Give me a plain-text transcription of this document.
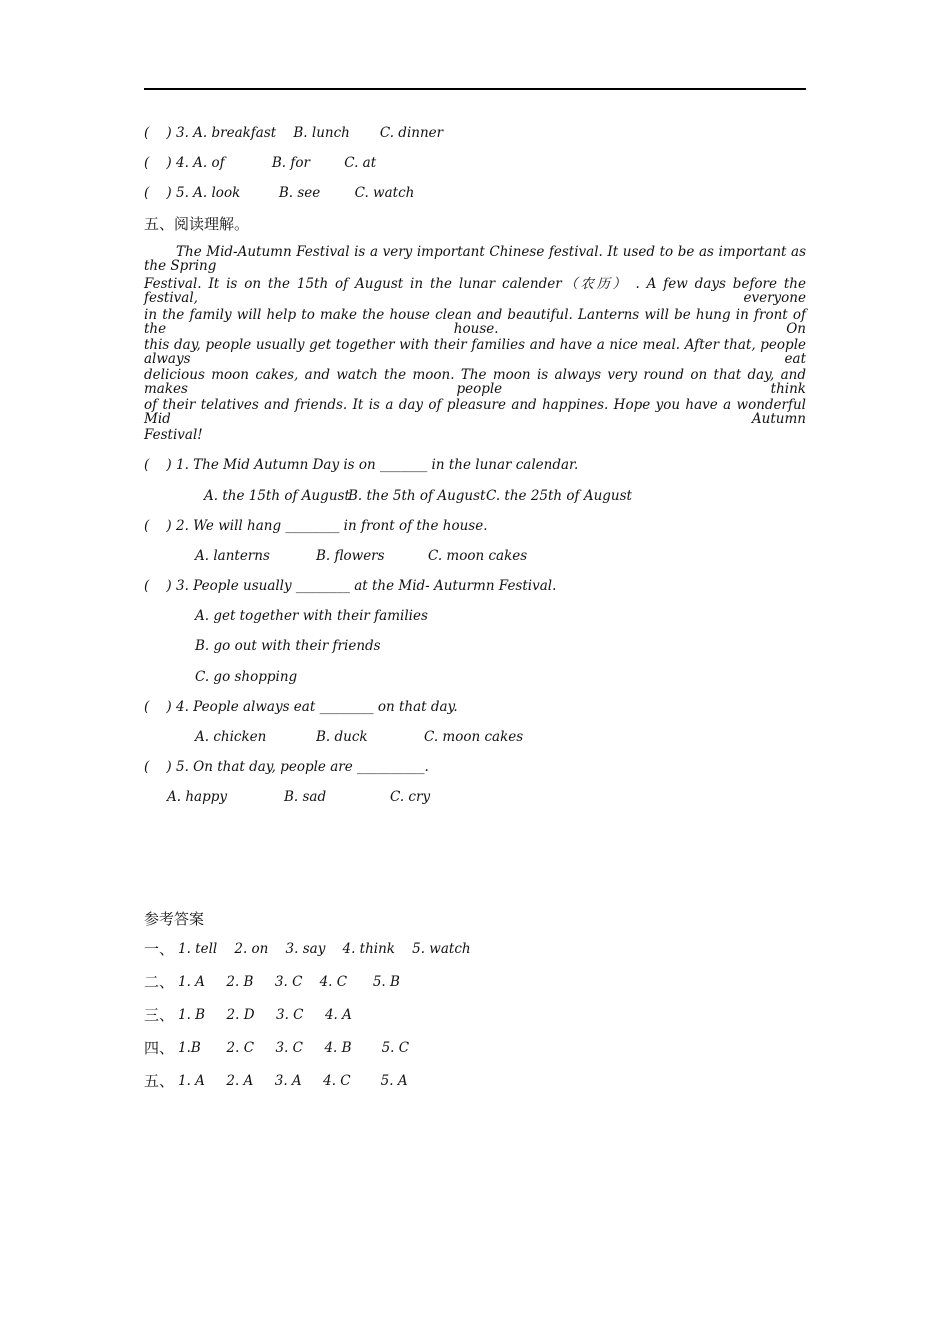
(    ) 3. A. breakfast    B. lunch       C. dinner
(    ) 4. A. of           B. for        C. at
(    ) 5. A. look         B. see        C. watch
五、阅读理解。
The Mid-Autumn Festival is a very important Chinese festival. It used to be as important as the Spring
Festival. It is on the 15th of August in the lunar calender（农历） . A few days before the festival, everyone
in the family will help to make the house clean and beautiful. Lanterns will be hung in front of the house. On
this day, people usually get together with their families and have a nice meal. After that, people always eat
delicious moon cakes, and watch the moon. The moon is always very round on that day, and makes people think
of their telatives and friends. It is a day of pleasure and happines. Hope you have a wonderful Mid Autumn
Festival!
(    ) 1. The Mid Autumn Day is on _______ in the lunar calendar.
A. the 15th of August
B. the 5th of August C. the 25th of August
(    ) 2. We will hang ________ in front of the house.
A. lanterns	B. flowers	C. moon cakes
(    ) 3. People usually ________ at the Mid- Auturmn Festival.
A. get together with their families
B. go out with their friends
C. go shopping
(    ) 4. People always eat ________ on that day.
A. chicken	B. duck	C. moon cakes
(    ) 5. On that day, people are __________.
A. happy	B. sad	C. cry
参考答案
一、 1. tell    2. on    3. say    4. think    5. watch
二、 1. A     2. B     3. C    4. C      5. B
三、 1. B     2. D     3. C     4. A
四、 1.B      2. C     3. C     4. B       5. C
五、 1. A     2. A     3. A     4. C       5. A
